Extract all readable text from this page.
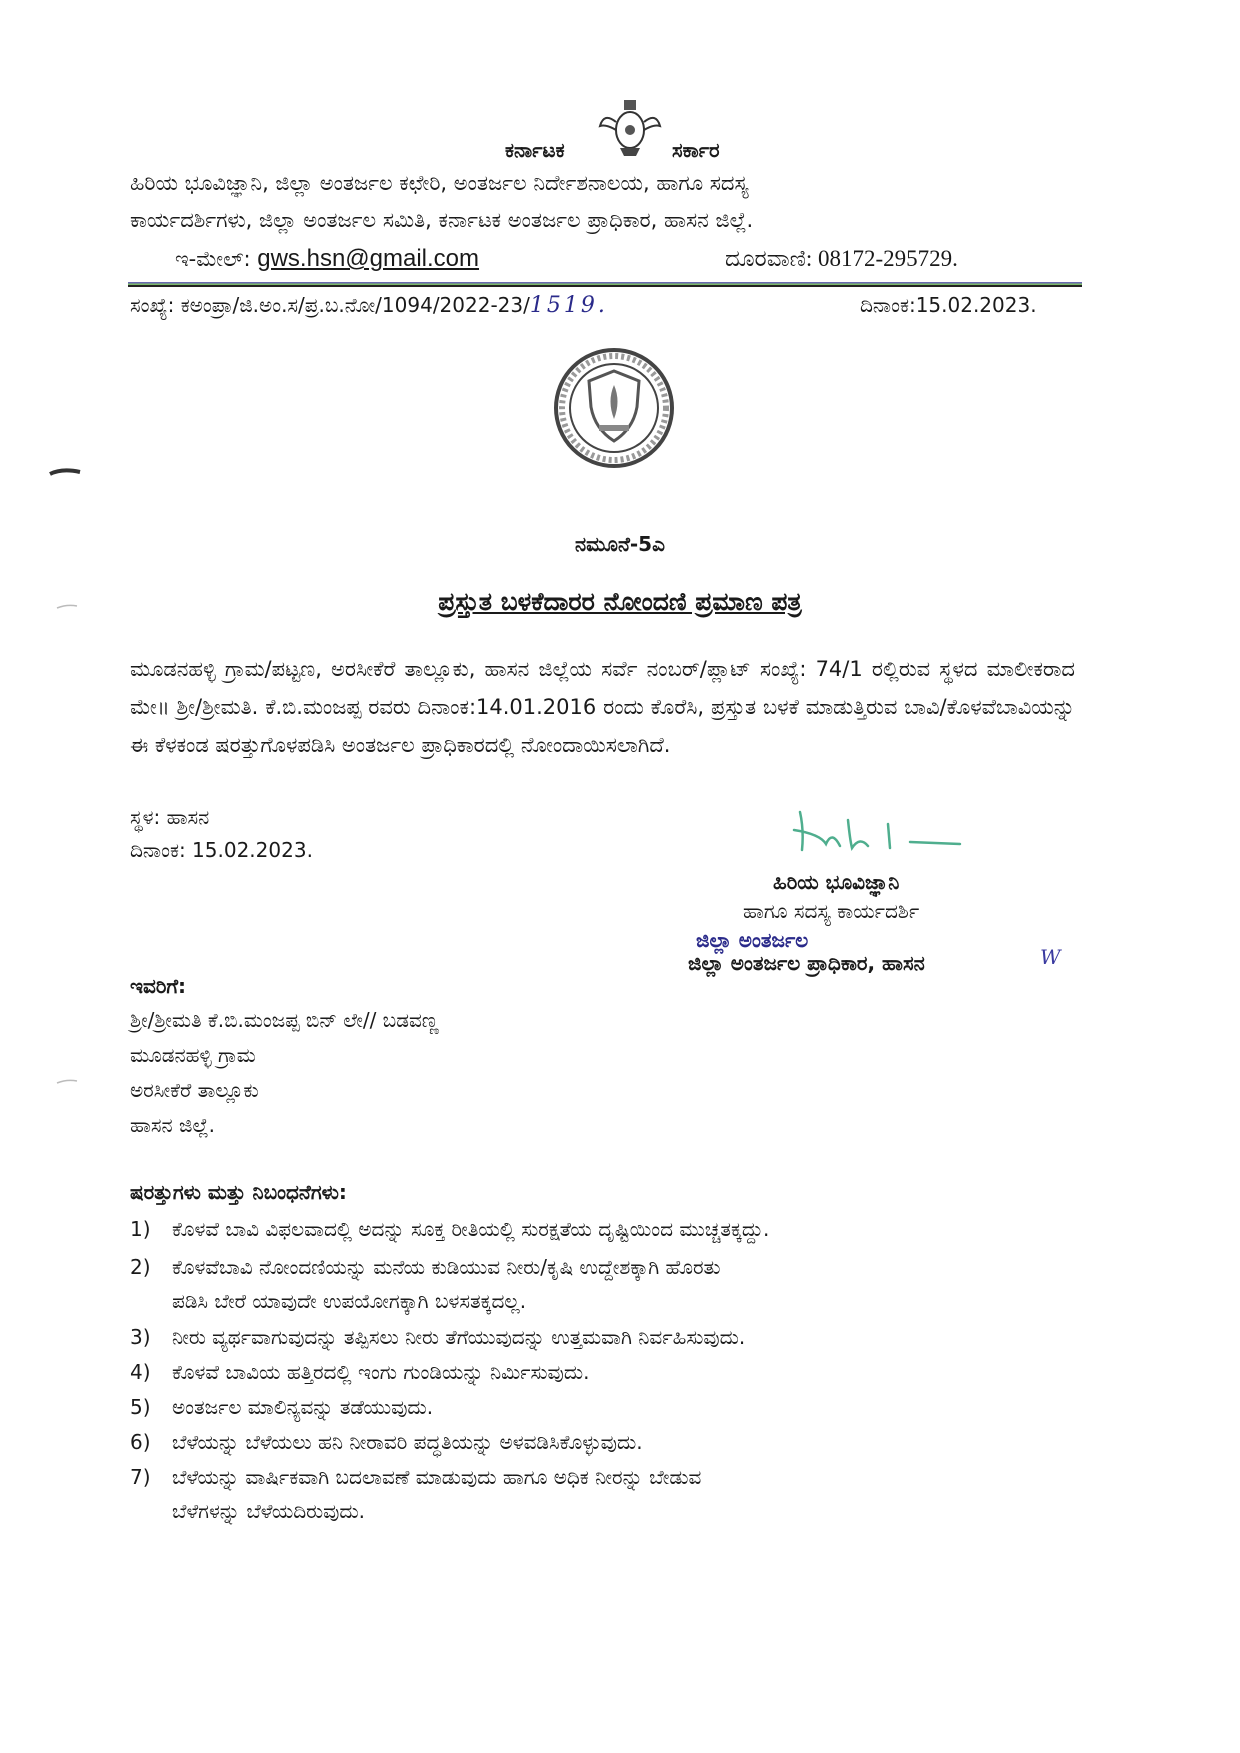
ಕರ್ನಾಟಕ	ಸರ್ಕಾರ
ಹಿರಿಯ ಭೂವಿಜ್ಞಾನಿ, ಜಿಲ್ಲಾ ಅಂತರ್ಜಲ ಕಛೇರಿ, ಅಂತರ್ಜಲ ನಿರ್ದೇಶನಾಲಯ, ಹಾಗೂ ಸದಸ್ಯ
ಕಾರ್ಯದರ್ಶಿಗಳು, ಜಿಲ್ಲಾ ಅಂತರ್ಜಲ ಸಮಿತಿ, ಕರ್ನಾಟಕ ಅಂತರ್ಜಲ ಪ್ರಾಧಿಕಾರ, ಹಾಸನ ಜಿಲ್ಲೆ.
ಇ-ಮೇಲ್: gws.hsn@gmail.com	ದೂರವಾಣಿ: 08172-295729.
ಸಂಖ್ಯೆ: ಕಅಂಪ್ರಾ/ಜಿ.ಅಂ.ಸ/ಪ್ರ.ಬ.ನೋ/1094/2022-23/1519.	ದಿನಾಂಕ:15.02.2023.
ನಮೂನೆ-5ಎ
ಪ್ರಸ್ತುತ ಬಳಕೆದಾರರ ನೋಂದಣಿ ಪ್ರಮಾಣ ಪತ್ರ
ಮೂಡನಹಳ್ಳಿ ಗ್ರಾಮ/ಪಟ್ಟಣ, ಅರಸೀಕೆರೆ ತಾಲ್ಲೂಕು, ಹಾಸನ ಜಿಲ್ಲೆಯ ಸರ್ವೆ ನಂಬರ್/ಪ್ಲಾಟ್ ಸಂಖ್ಯೆ: 74/1 ರಲ್ಲಿರುವ ಸ್ಥಳದ ಮಾಲೀಕರಾದ ಮೇ॥ ಶ್ರೀ/ಶ್ರೀಮತಿ. ಕೆ.ಬಿ.ಮಂಜಪ್ಪ ರವರು ದಿನಾಂಕ:14.01.2016 ರಂದು ಕೊರೆಸಿ, ಪ್ರಸ್ತುತ ಬಳಕೆ ಮಾಡುತ್ತಿರುವ ಬಾವಿ/ಕೊಳವೆಬಾವಿಯನ್ನು ಈ ಕೆಳಕಂಡ ಷರತ್ತುಗೊಳಪಡಿಸಿ ಅಂತರ್ಜಲ ಪ್ರಾಧಿಕಾರದಲ್ಲಿ ನೋಂದಾಯಿಸಲಾಗಿದೆ.
ಸ್ಥಳ: ಹಾಸನ
ದಿನಾಂಕ: 15.02.2023.
ಹಿರಿಯ ಭೂವಿಜ್ಞಾನಿ
ಹಾಗೂ ಸದಸ್ಯ ಕಾರ್ಯದರ್ಶಿ
ಜಿಲ್ಲಾ ಅಂತರ್ಜಲ
ಜಿಲ್ಲಾ ಅಂತರ್ಜಲ ಪ್ರಾಧಿಕಾರ, ಹಾಸನ	W
ಇವರಿಗೆ:
ಶ್ರೀ/ಶ್ರೀಮತಿ ಕೆ.ಬಿ.ಮಂಜಪ್ಪ ಬಿನ್ ಲೇ// ಬಡವಣ್ಣ
ಮೂಡನಹಳ್ಳಿ ಗ್ರಾಮ
ಅರಸೀಕೆರೆ ತಾಲ್ಲೂಕು
ಹಾಸನ ಜಿಲ್ಲೆ.
ಷರತ್ತುಗಳು ಮತ್ತು ನಿಬಂಧನೆಗಳು:
1) ಕೊಳವೆ ಬಾವಿ ವಿಫಲವಾದಲ್ಲಿ ಅದನ್ನು ಸೂಕ್ತ ರೀತಿಯಲ್ಲಿ ಸುರಕ್ಷತೆಯ ದೃಷ್ಟಿಯಿಂದ ಮುಚ್ಚತಕ್ಕದ್ದು.
2) ಕೊಳವೆಬಾವಿ ನೋಂದಣಿಯನ್ನು ಮನೆಯ ಕುಡಿಯುವ ನೀರು/ಕೃಷಿ ಉದ್ದೇಶಕ್ಕಾಗಿ ಹೊರತು
ಪಡಿಸಿ ಬೇರೆ ಯಾವುದೇ ಉಪಯೋಗಕ್ಕಾಗಿ ಬಳಸತಕ್ಕದಲ್ಲ.
3) ನೀರು ವ್ಯರ್ಥವಾಗುವುದನ್ನು ತಪ್ಪಿಸಲು ನೀರು ತೆಗೆಯುವುದನ್ನು ಉತ್ತಮವಾಗಿ ನಿರ್ವಹಿಸುವುದು.
4) ಕೊಳವೆ ಬಾವಿಯ ಹತ್ತಿರದಲ್ಲಿ ಇಂಗು ಗುಂಡಿಯನ್ನು ನಿರ್ಮಿಸುವುದು.
5) ಅಂತರ್ಜಲ ಮಾಲಿನ್ಯವನ್ನು ತಡೆಯುವುದು.
6) ಬೆಳೆಯನ್ನು ಬೆಳೆಯಲು ಹನಿ ನೀರಾವರಿ ಪದ್ಧತಿಯನ್ನು ಅಳವಡಿಸಿಕೊಳ್ಳುವುದು.
7) ಬೆಳೆಯನ್ನು ವಾರ್ಷಿಕವಾಗಿ ಬದಲಾವಣೆ ಮಾಡುವುದು ಹಾಗೂ ಅಧಿಕ ನೀರನ್ನು ಬೇಡುವ
ಬೆಳೆಗಳನ್ನು ಬೆಳೆಯದಿರುವುದು.
